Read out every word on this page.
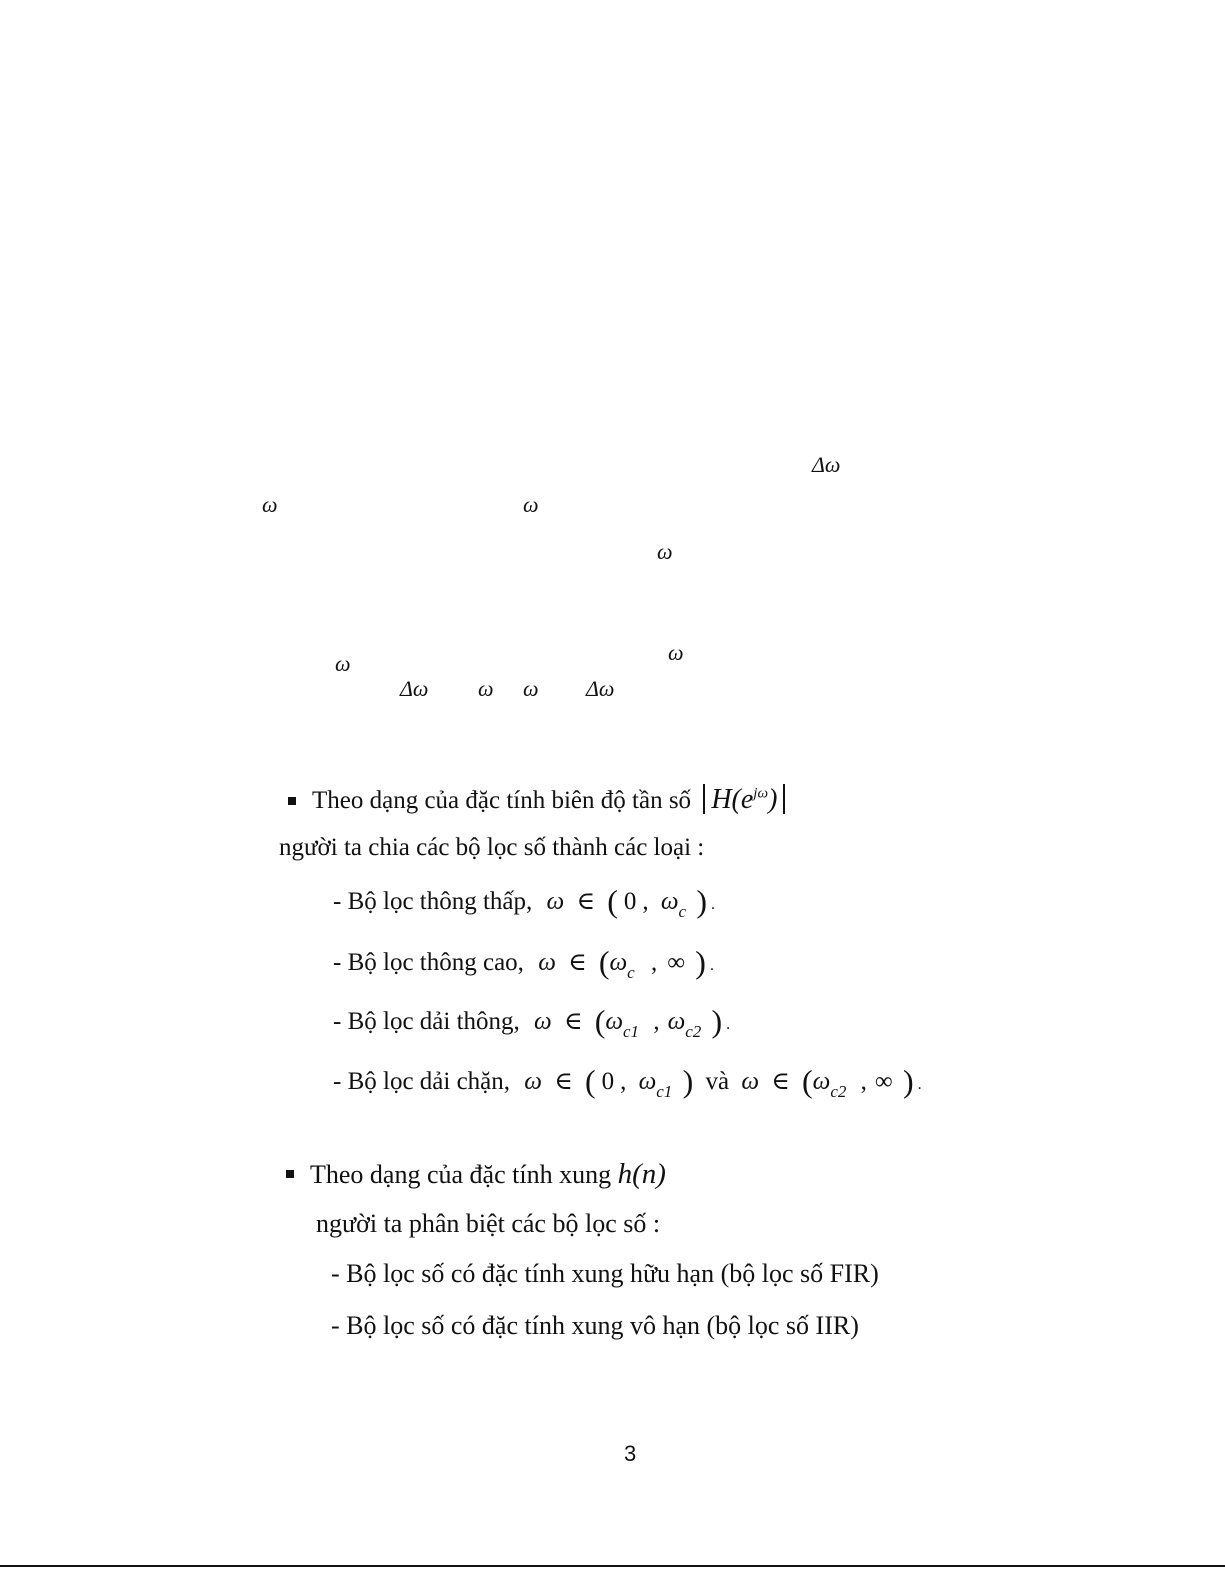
Δω
ω	ω
ω
ω
ω
Δω ω ω Δω
Theo dạng của đặc tính biên độ tần số $H(e^{j\omega})$
người ta chia các bộ lọc số thành các loại :
- Bộ lọc thông thấp, ω ∈ ( 0 , $\omega_c$ ) .
- Bộ lọc thông cao, ω ∈ ($\omega_c$ , ∞ ) .
- Bộ lọc dải thông, ω ∈ ($\omega_{c1}$ , $\omega_{c2}$ ) .
- Bộ lọc dải chặn, ω ∈ ( 0 , $\omega_{c1}$ ) và ω ∈ ($\omega_{c2}$ , ∞ ) .
Theo dạng của đặc tính xung h(n)
người ta phân biệt các bộ lọc số :
- Bộ lọc số có đặc tính xung hữu hạn (bộ lọc số FIR)
- Bộ lọc số có đặc tính xung vô hạn (bộ lọc số IIR)
3
